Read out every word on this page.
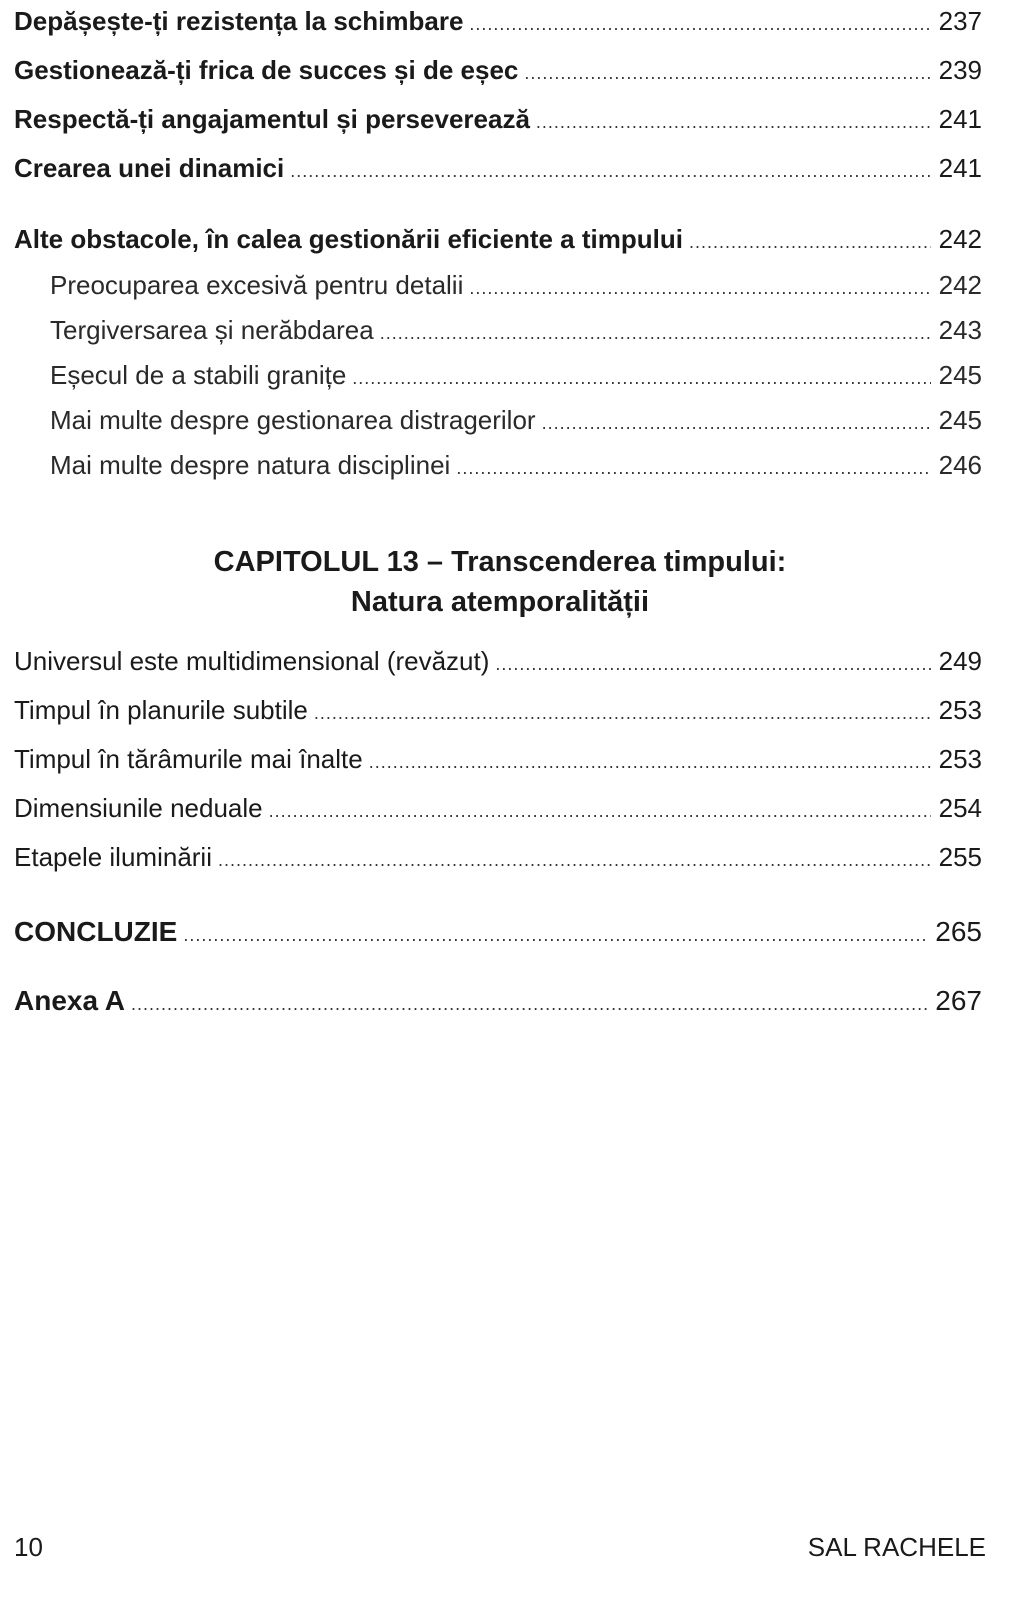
Depășește-ți rezistența la schimbare .....	237
Gestionează-ți frica de succes și de eșec .....	239
Respectă-ți angajamentul și perseverează .....	241
Crearea unei dinamici .....	241
Alte obstacole, în calea gestionării eficiente a timpului .....	242
Preocuparea excesivă pentru detalii .....	242
Tergiversarea și nerăbdarea .....	243
Eșecul de a stabili granițe .....	245
Mai multe despre gestionarea distragerilor .....	245
Mai multe despre natura disciplinei .....	246
CAPITOLUL 13 – Transcenderea timpului:
Natura atemporalității
Universul este multidimensional (revăzut) .....	249
Timpul în planurile subtile .....	253
Timpul în tărâmurile mai înalte .....	253
Dimensiunile neduale .....	254
Etapele iluminării .....	255
CONCLUZIE .....	265
Anexa A .....	267
10	SAL RACHELE
